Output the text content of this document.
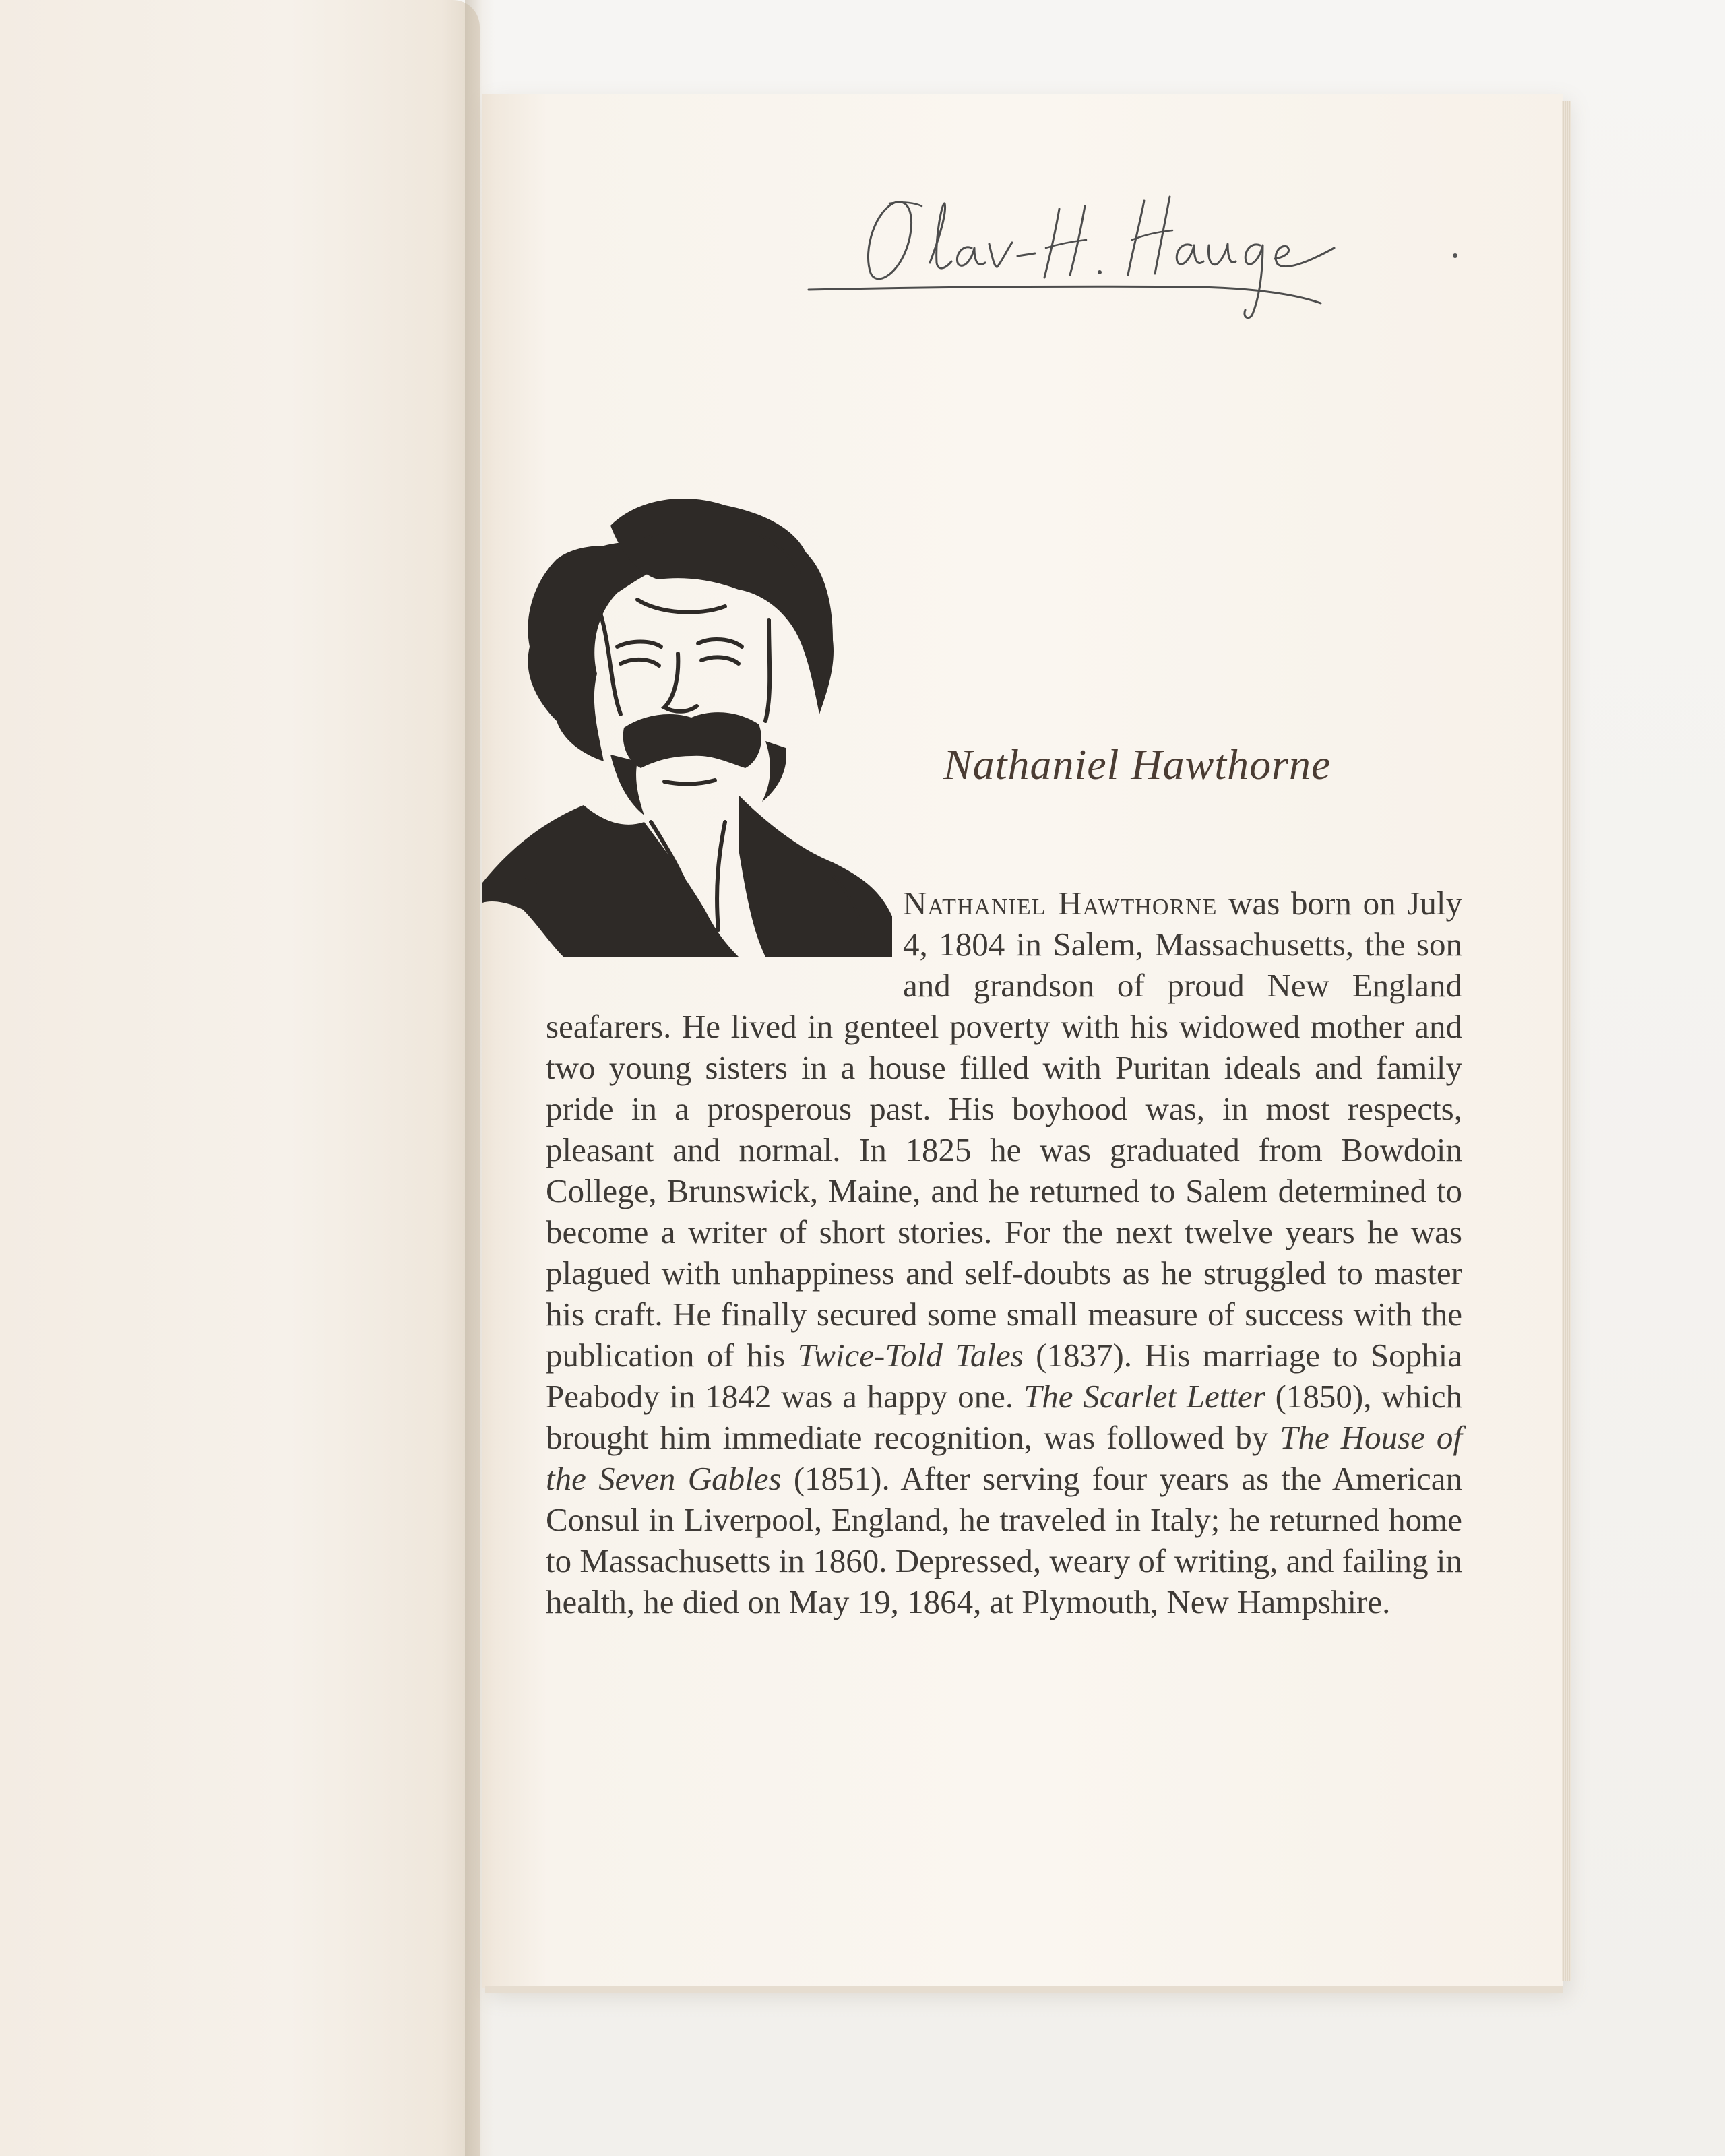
Nathaniel Hawthorne

Nathaniel Hawthorne was born on July 4, 1804 in Salem, Massachusetts, the son and grandson of proud New England seafarers. He lived in genteel poverty with his widowed mother and two young sisters in a house filled with Puritan ideals and family pride in a prosperous past. His boyhood was, in most respects, pleasant and normal. In 1825 he was graduated from Bowdoin College, Brunswick, Maine, and he returned to Salem determined to become a writer of short stories. For the next twelve years he was plagued with unhappiness and self-doubts as he struggled to master his craft. He finally secured some small measure of success with the publication of his Twice-Told Tales (1837). His marriage to Sophia Peabody in 1842 was a happy one. The Scarlet Letter (1850), which brought him immediate recognition, was followed by The House of the Seven Gables (1851). After serving four years as the American Consul in Liverpool, England, he traveled in Italy; he returned home to Massachusetts in 1860. Depressed, weary of writing, and failing in health, he died on May 19, 1864, at Plymouth, New Hampshire.
